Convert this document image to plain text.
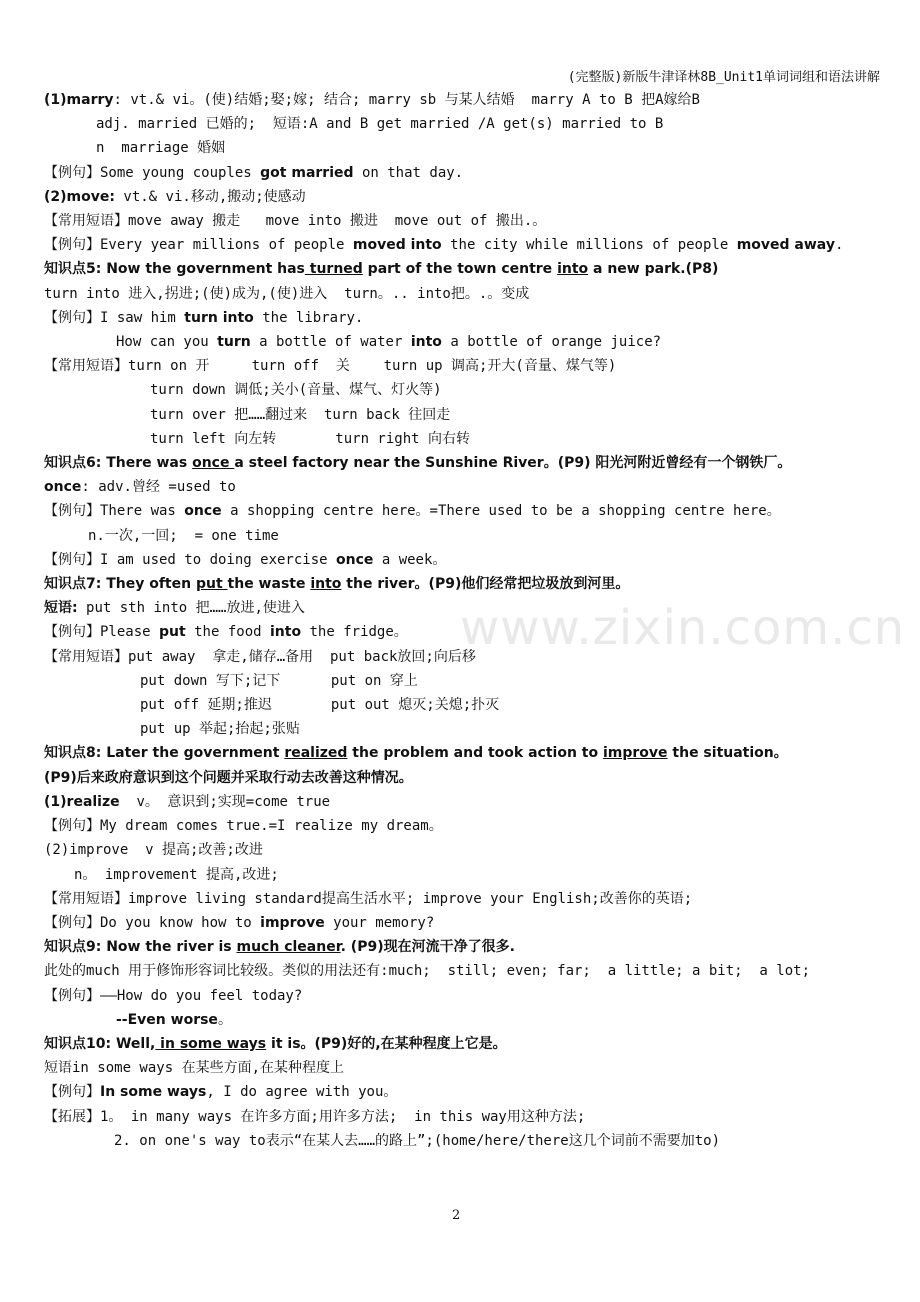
(完整版)新版牛津译林8B_Unit1单词词组和语法讲解
www.zixin.com.cn
(1)marry: vt.& vi。(使)结婚;娶;嫁; 结合; marry sb 与某人结婚  marry A to B 把A嫁给B
adj. married 已婚的;  短语:A and B get married /A get(s) married to B
n  marriage 婚姻
【例句】Some young couples got married on that day.
(2)move: vt.& vi.移动,搬动;使感动
【常用短语】move away 搬走   move into 搬进  move out of 搬出.。
【例句】Every year millions of people moved into the city while millions of people moved away.
知识点5: Now the government has turned part of the town centre into a new park.(P8)
turn into 进入,拐进;(使)成为,(使)进入  turn。.. into把。.。变成
【例句】I saw him turn into the library.
How can you turn a bottle of water into a bottle of orange juice?
【常用短语】turn on 开     turn off  关    turn up 调高;开大(音量、煤气等)
turn down 调低;关小(音量、煤气、灯火等)
turn over 把……翻过来  turn back 往回走
turn left 向左转       turn right 向右转
知识点6: There was once a steel factory near the Sunshine River。(P9) 阳光河附近曾经有一个钢铁厂。
once: adv.曾经 =used to
【例句】There was once a shopping centre here。=There used to be a shopping centre here。
n.一次,一回;  = one time
【例句】I am used to doing exercise once a week。
知识点7: They often put the waste into the river。(P9)他们经常把垃圾放到河里。
短语: put sth into 把……放进,使进入
【例句】Please put the food into the fridge。
【常用短语】put away  拿走,储存…备用  put back放回;向后移
put down 写下;记下      put on 穿上
put off 延期;推迟       put out 熄灭;关熄;扑灭
put up 举起;抬起;张贴
知识点8: Later the government realized the problem and took action to improve the situation。
(P9)后来政府意识到这个问题并采取行动去改善这种情况。
(1)realize  v。 意识到;实现=come true
【例句】My dream comes true.=I realize my dream。
(2)improve  v 提高;改善;改进
n。 improvement 提高,改进;
【常用短语】improve living standard提高生活水平; improve your English;改善你的英语;
【例句】Do you know how to improve your memory?
知识点9: Now the river is much cleaner. (P9)现在河流干净了很多.
此处的much 用于修饰形容词比较级。类似的用法还有:much;  still; even; far;  a little; a bit;  a lot;
【例句】——How do you feel today?
--Even worse。
知识点10: Well, in some ways it is。(P9)好的,在某种程度上它是。
短语in some ways 在某些方面,在某种程度上
【例句】In some ways, I do agree with you。
【拓展】1。 in many ways 在许多方面;用许多方法;  in this way用这种方法;
2. on one's way to表示“在某人去……的路上”;(home/here/there这几个词前不需要加to)
2
